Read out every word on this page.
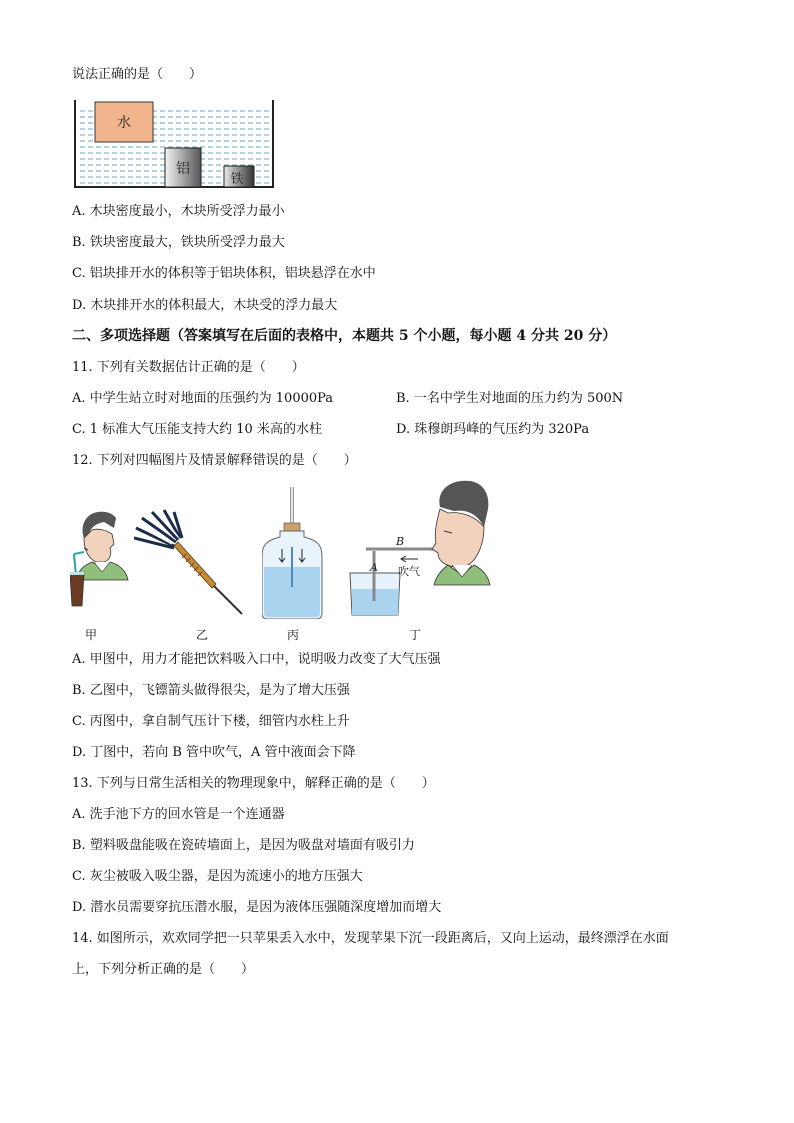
说法正确的是（　　）
水
铝
铁
A. 木块密度最小，木块所受浮力最小
B. 铁块密度最大，铁块所受浮力最大
C. 铝块排开水的体积等于铝块体积，铝块悬浮在水中
D. 木块排开水的体积最大，木块受的浮力最大
二、多项选择题（答案填写在后面的表格中，本题共 5 个小题，每小题 4 分共 20 分）
11. 下列有关数据估计正确的是（　　）
A. 中学生站立时对地面的压强约为 10000Pa	B. 一名中学生对地面的压力约为 500N
C. 1 标准大气压能支持大约 10 米高的水柱	D. 珠穆朗玛峰的气压约为 320Pa
12. 下列对四幅图片及情景解释错误的是（　　）
A
B
吹气
甲	乙	丙	丁
A. 甲图中，用力才能把饮料吸入口中，说明吸力改变了大气压强
B. 乙图中，飞镖箭头做得很尖，是为了增大压强
C. 丙图中，拿自制气压计下楼，细管内水柱上升
D. 丁图中，若向 B 管中吹气，A 管中液面会下降
13. 下列与日常生活相关的物理现象中，解释正确的是（　　）
A. 洗手池下方的回水管是一个连通器
B. 塑料吸盘能吸在瓷砖墙面上，是因为吸盘对墙面有吸引力
C. 灰尘被吸入吸尘器，是因为流速小的地方压强大
D. 潜水员需要穿抗压潜水服，是因为液体压强随深度增加而增大
14. 如图所示，欢欢同学把一只苹果丢入水中，发现苹果下沉一段距离后，又向上运动，最终漂浮在水面
上，下列分析正确的是（　　）
